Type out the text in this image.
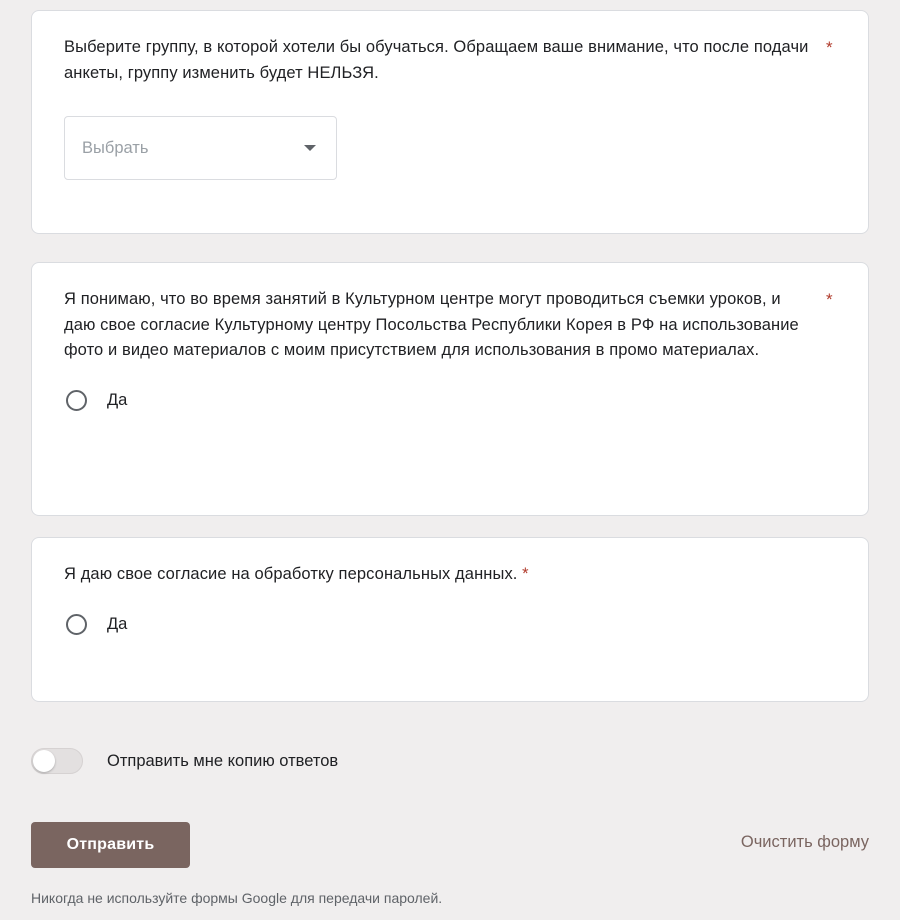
Выберите группу, в которой хотели бы обучаться. Обращаем ваше внимание, что после подачи анкеты, группу изменить будет НЕЛЬЗЯ.
*
Выбрать
Я понимаю, что во время занятий в Культурном центре могут проводиться съемки уроков, и даю свое согласие Культурному центру Посольства Республики Корея в РФ на использование фото и видео материалов с моим присутствием для использования в промо материалах.
*
Да
Я даю свое согласие на обработку персональных данных. *
Да
Отправить мне копию ответов
Отправить	Очистить форму
Никогда не используйте формы Google для передачи паролей.
